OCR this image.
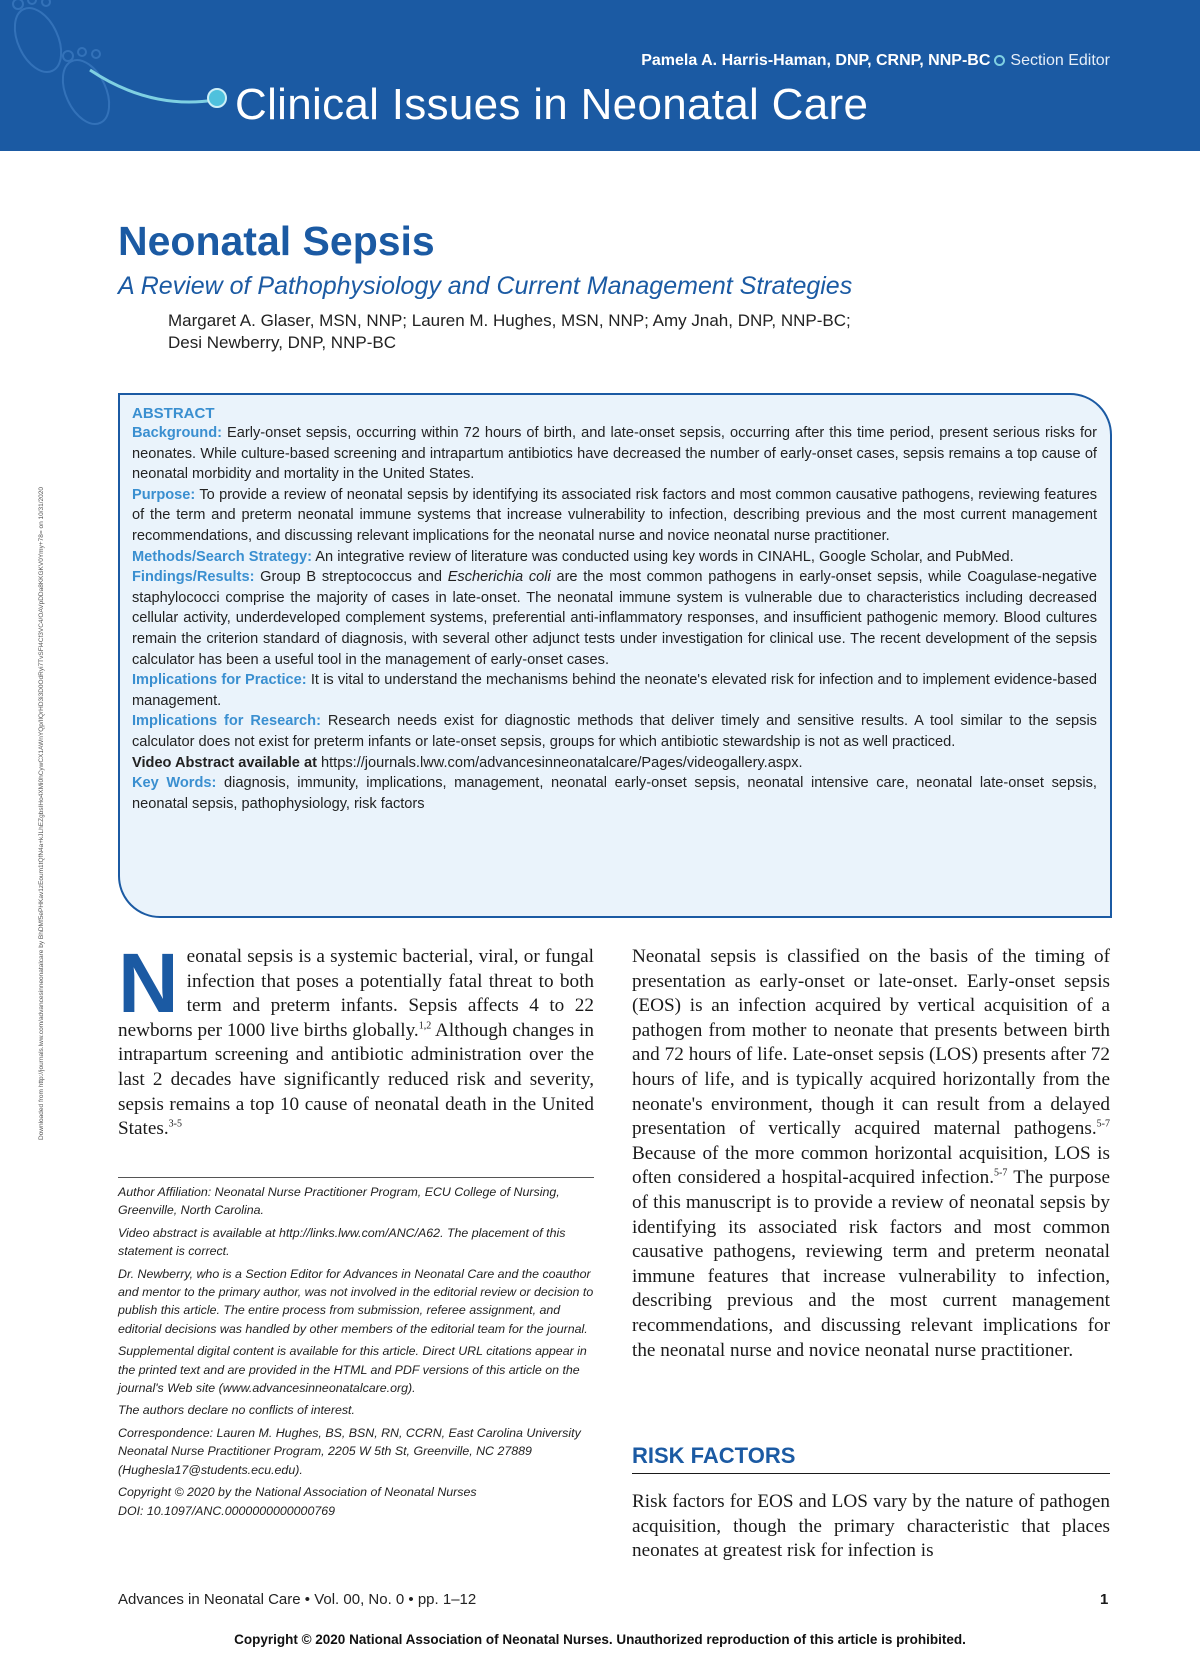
Pamela A. Harris-Haman, DNP, CRNP, NNP-BC Section Editor
Clinical Issues in Neonatal Care
Downloaded from http://journals.lww.com/advancesinneonatalcare by BhDMf5ePHKav1zEoum1tQfN4a+kJLhEZgbsIHo4XMi0hCywCX1AWnYQp/IlQrHD3i3D0OdRyi7TvSFl4Cf3VC4/OAVpDDa8KKGKV0Ymy+78= on 10/31/2020
Neonatal Sepsis
A Review of Pathophysiology and Current Management Strategies
Margaret A. Glaser, MSN, NNP; Lauren M. Hughes, MSN, NNP; Amy Jnah, DNP, NNP-BC;
Desi Newberry, DNP, NNP-BC
ABSTRACT

Background: Early-onset sepsis, occurring within 72 hours of birth, and late-onset sepsis, occurring after this time period, present serious risks for neonates. While culture-based screening and intrapartum antibiotics have decreased the number of early-onset cases, sepsis remains a top cause of neonatal morbidity and mortality in the United States.

Purpose: To provide a review of neonatal sepsis by identifying its associated risk factors and most common causative pathogens, reviewing features of the term and preterm neonatal immune systems that increase vulnerability to infection, describing previous and the most current management recommendations, and discussing relevant implications for the neonatal nurse and novice neonatal nurse practitioner.

Methods/Search Strategy: An integrative review of literature was conducted using key words in CINAHL, Google Scholar, and PubMed.

Findings/Results: Group B streptococcus and Escherichia coli are the most common pathogens in early-onset sepsis, while Coagulase-negative staphylococci comprise the majority of cases in late-onset. The neonatal immune system is vulnerable due to characteristics including decreased cellular activity, underdeveloped complement systems, preferential anti-inflammatory responses, and insufficient pathogenic memory. Blood cultures remain the criterion standard of diagnosis, with several other adjunct tests under investigation for clinical use. The recent development of the sepsis calculator has been a useful tool in the management of early-onset cases.

Implications for Practice: It is vital to understand the mechanisms behind the neonate's elevated risk for infection and to implement evidence-based management.

Implications for Research: Research needs exist for diagnostic methods that deliver timely and sensitive results. A tool similar to the sepsis calculator does not exist for preterm infants or late-onset sepsis, groups for which antibiotic stewardship is not as well practiced.

Video Abstract available at https://journals.lww.com/advancesinneonatalcare/Pages/videogallery.aspx.

Key Words: diagnosis, immunity, implications, management, neonatal early-onset sepsis, neonatal intensive care, neonatal late-onset sepsis, neonatal sepsis, pathophysiology, risk factors

Neonatal sepsis is a systemic bacterial, viral, or fungal infection that poses a potentially fatal threat to both term and preterm infants. Sepsis affects 4 to 22 newborns per 1000 live births globally.$^{1,2}$ Although changes in intrapartum screening and antibiotic administration over the last 2 decades have significantly reduced risk and severity, sepsis remains a top 10 cause of neonatal death in the United States.$^{3-5}$
Neonatal sepsis is classified on the basis of the timing of presentation as early-onset or late-onset. Early-onset sepsis (EOS) is an infection acquired by vertical acquisition of a pathogen from mother to neonate that presents between birth and 72 hours of life. Late-onset sepsis (LOS) presents after 72 hours of life, and is typically acquired horizontally from the neonate's environment, though it can result from a delayed presentation of vertically acquired maternal pathogens.$^{5-7}$ Because of the more common horizontal acquisition, LOS is often considered a hospital-acquired infection.$^{5-7}$ The purpose of this manuscript is to provide a review of neonatal sepsis by identifying its associated risk factors and most common causative pathogens, reviewing term and preterm neonatal immune features that increase vulnerability to infection, describing previous and the most current management recommendations, and discussing relevant implications for the neonatal nurse and novice neonatal nurse practitioner.
RISK FACTORS
Risk factors for EOS and LOS vary by the nature of pathogen acquisition, though the primary characteristic that places neonates at greatest risk for infection is

Author Affiliation: Neonatal Nurse Practitioner Program, ECU College of Nursing, Greenville, North Carolina.

Video abstract is available at http://links.lww.com/ANC/A62. The placement of this statement is correct.

Dr. Newberry, who is a Section Editor for Advances in Neonatal Care and the coauthor and mentor to the primary author, was not involved in the editorial review or decision to publish this article. The entire process from submission, referee assignment, and editorial decisions was handled by other members of the editorial team for the journal.

Supplemental digital content is available for this article. Direct URL citations appear in the printed text and are provided in the HTML and PDF versions of this article on the journal's Web site (www.advancesinneonatalcare.org).

The authors declare no conflicts of interest.

Correspondence: Lauren M. Hughes, BS, BSN, RN, CCRN, East Carolina University Neonatal Nurse Practitioner Program, 2205 W 5th St, Greenville, NC 27889 (Hughesla17@students.ecu.edu).

Copyright © 2020 by the National Association of Neonatal Nurses

DOI: 10.1097/ANC.0000000000000769

Advances in Neonatal Care • Vol. 00, No. 0 • pp. 1–12	1
Copyright © 2020 National Association of Neonatal Nurses. Unauthorized reproduction of this article is prohibited.
